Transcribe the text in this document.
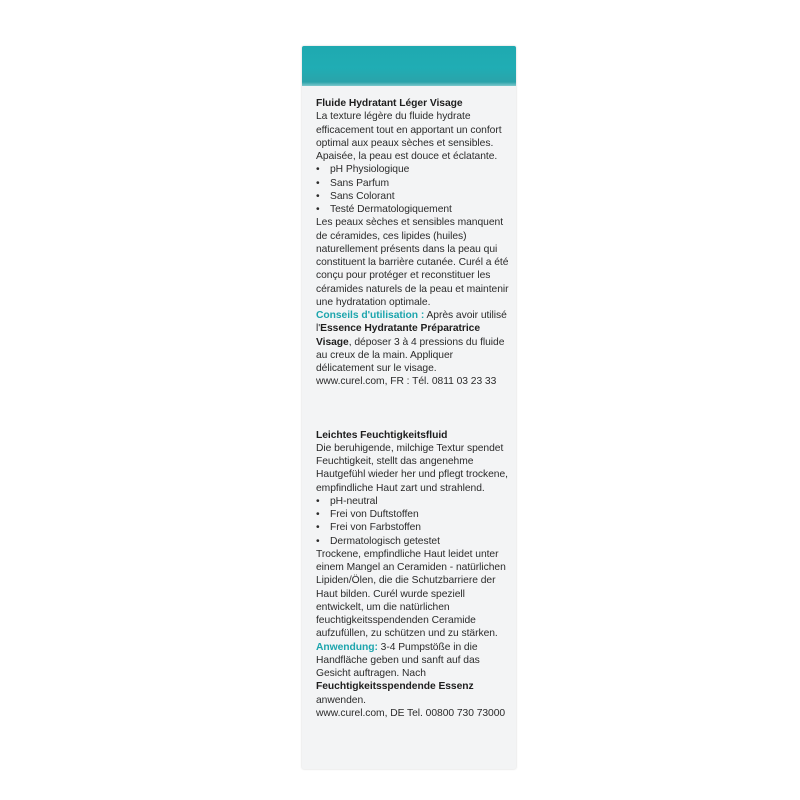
Fluide Hydratant Léger Visage

La texture légère du fluide hydrate efficacement tout en apportant un confort optimal aux peaux sèches et sensibles. Apaisée, la peau est douce et éclatante.

• pH Physiologique
• Sans Parfum
• Sans Colorant
• Testé Dermatologiquement

Les peaux sèches et sensibles manquent de céramides, ces lipides (huiles) naturellement présents dans la peau qui constituent la barrière cutanée. Curél a été conçu pour protéger et reconstituer les céramides naturels de la peau et maintenir une hydratation optimale.

Conseils d'utilisation : Après avoir utilisé l'Essence Hydratante Préparatrice Visage, déposer 3 à 4 pressions du fluide au creux de la main. Appliquer délicatement sur le visage.

www.curel.com, FR : Tél. 0811 03 23 33

Leichtes Feuchtigkeitsfluid

Die beruhigende, milchige Textur spendet Feuchtigkeit, stellt das angenehme Hautgefühl wieder her und pflegt trockene, empfindliche Haut zart und strahlend.

• pH-neutral
• Frei von Duftstoffen
• Frei von Farbstoffen
• Dermatologisch getestet

Trockene, empfindliche Haut leidet unter einem Mangel an Ceramiden - natürlichen Lipiden/Ölen, die die Schutzbarriere der Haut bilden. Curél wurde speziell entwickelt, um die natürlichen feuchtigkeitsspendenden Ceramide aufzufüllen, zu schützen und zu stärken.

Anwendung: 3-4 Pumpstöße in die Handfläche geben und sanft auf das Gesicht auftragen. Nach Feuchtigkeitsspendende Essenz anwenden.

www.curel.com, DE Tel. 00800 730 73000
